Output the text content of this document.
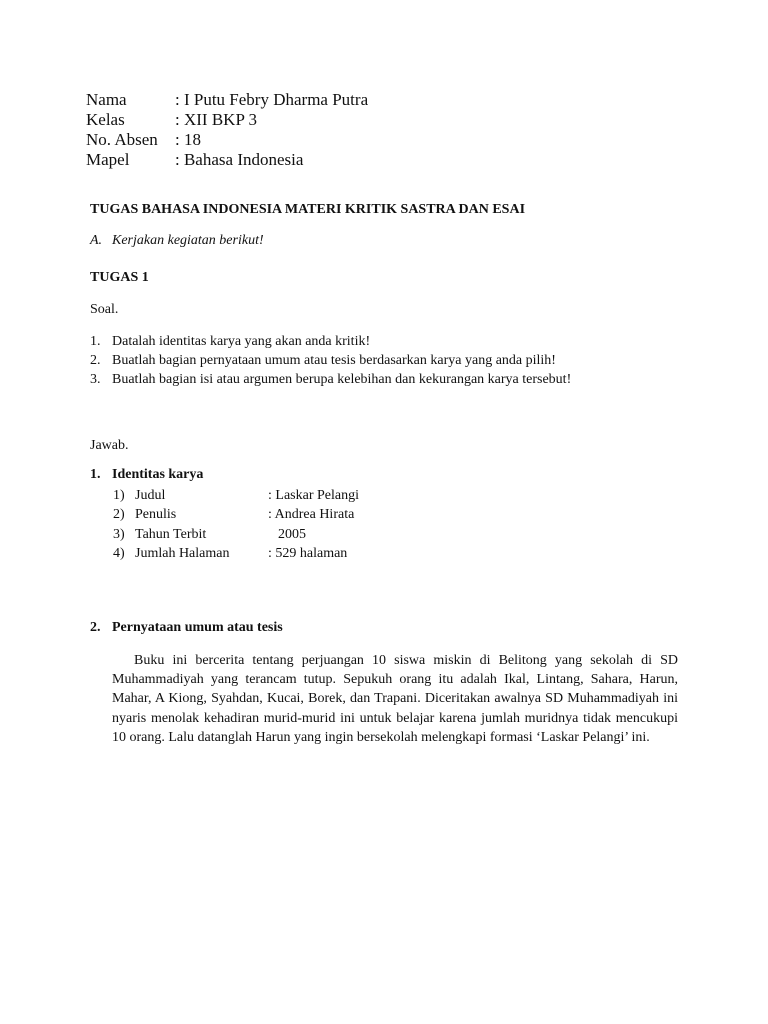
Nama	: I Putu Febry Dharma Putra
Kelas	: XII BKP 3
No. Absen : 18
Mapel	: Bahasa Indonesia
TUGAS BAHASA INDONESIA MATERI KRITIK SASTRA DAN ESAI
A. Kerjakan kegiatan berikut!
TUGAS 1
Soal.
1. Datalah identitas karya yang akan anda kritik!
2. Buatlah bagian pernyataan umum atau tesis berdasarkan karya yang anda pilih!
3. Buatlah bagian isi atau argumen berupa kelebihan dan kekurangan karya tersebut!
Jawab.
1. Identitas karya
1) Judul	: Laskar Pelangi
2) Penulis	: Andrea Hirata
3) Tahun Terbit	2005
4) Jumlah Halaman	: 529 halaman
2. Pernyataan umum atau tesis
Buku ini bercerita tentang perjuangan 10 siswa miskin di Belitong yang sekolah di SD Muhammadiyah yang terancam tutup. Sepukuh orang itu adalah Ikal, Lintang, Sahara, Harun, Mahar, A Kiong, Syahdan, Kucai, Borek, dan Trapani. Diceritakan awalnya SD Muhammadiyah ini nyaris menolak kehadiran murid-murid ini untuk belajar karena jumlah muridnya tidak mencukupi 10 orang. Lalu datanglah Harun yang ingin bersekolah melengkapi formasi ‘Laskar Pelangi’ ini.
